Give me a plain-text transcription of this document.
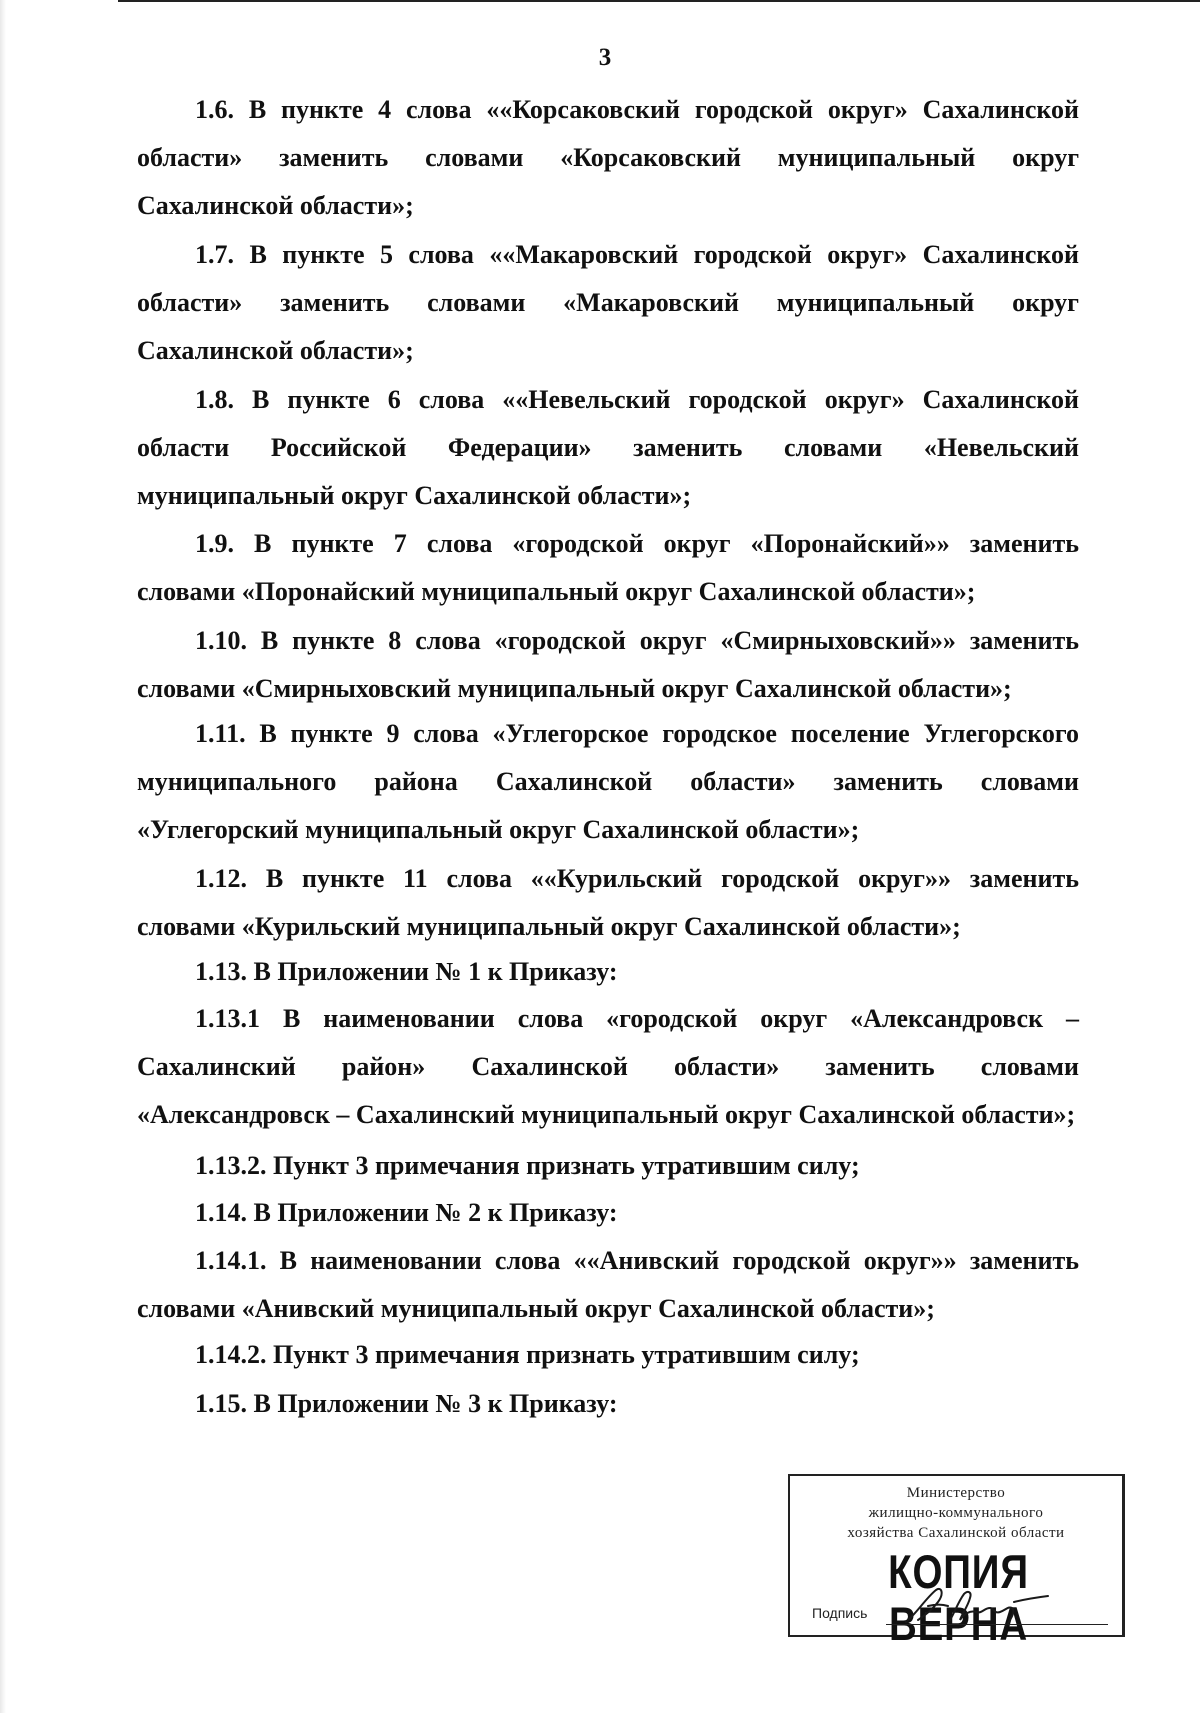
3
1.6. В пункте 4 слова ««Корсаковский городской округ» Сахалинской
области» заменить словами «Корсаковский муниципальный округ
Сахалинской области»;
1.7. В пункте 5 слова ««Макаровский городской округ» Сахалинской
области» заменить словами «Макаровский муниципальный округ
Сахалинской области»;
1.8. В пункте 6 слова ««Невельский городской округ» Сахалинской
области Российской Федерации» заменить словами «Невельский
муниципальный округ Сахалинской области»;
1.9. В пункте 7 слова «городской округ «Поронайский»» заменить
словами «Поронайский муниципальный округ Сахалинской области»;
1.10. В пункте 8 слова «городской округ «Смирныховский»» заменить
словами «Смирныховский муниципальный округ Сахалинской области»;
1.11. В пункте 9 слова «Углегорское городское поселение Углегорского
муниципального района Сахалинской области» заменить словами
«Углегорский муниципальный округ Сахалинской области»;
1.12. В пункте 11 слова ««Курильский городской округ»» заменить
словами «Курильский муниципальный округ Сахалинской области»;
1.13. В Приложении № 1 к Приказу:
1.13.1 В наименовании слова «городской округ «Александровск –
Сахалинский район» Сахалинской области» заменить словами
«Александровск – Сахалинский муниципальный округ Сахалинской области»;
1.13.2. Пункт 3 примечания признать утратившим силу;
1.14. В Приложении № 2 к Приказу:
1.14.1. В наименовании слова ««Анивский городской округ»» заменить
словами «Анивский муниципальный округ Сахалинской области»;
1.14.2. Пункт 3 примечания признать утратившим силу;
1.15. В Приложении № 3 к Приказу:
Министерство
жилищно-коммунального
хозяйства Сахалинской области
КОПИЯ ВЕРНА
Подпись
